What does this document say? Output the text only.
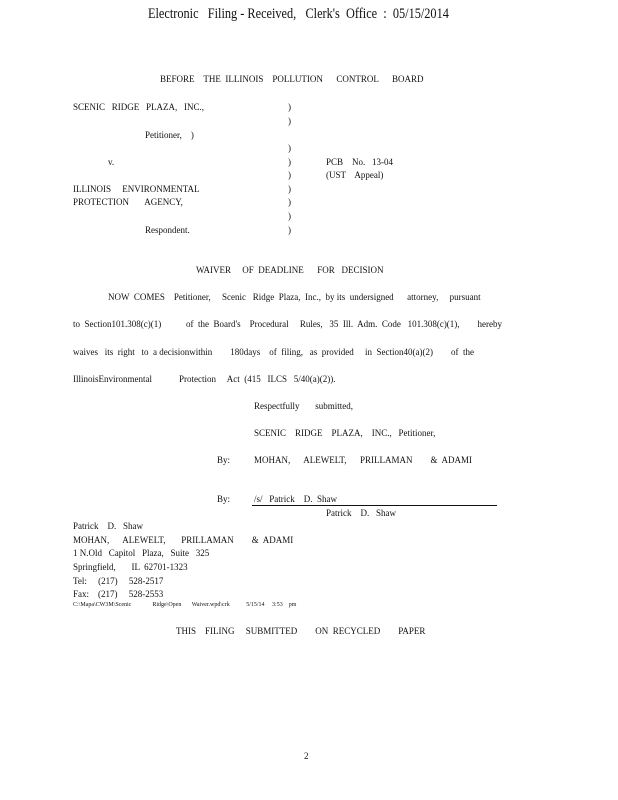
Electronic   Filing - Received,   Clerk's  Office  :  05/15/2014
BEFORE    THE  ILLINOIS    POLLUTION      CONTROL      BOARD
SCENIC   RIDGE   PLAZA,   INC.,
Petitioner,    )
v.
ILLINOIS     ENVIRONMENTAL
PROTECTION       AGENCY,
Respondent.
)
)
)
)
)
)
)
)
)
PCB    No.   13-04
(UST    Appeal)
WAIVER     OF  DEADLINE      FOR   DECISION
NOW  COMES    Petitioner,     Scenic   Ridge  Plaza,  Inc.,  by its  undersigned      attorney,     pursuant
to  Section101.308(c)(1)           of  the  Board's    Procedural     Rules,   35  Ill.  Adm.  Code   101.308(c)(1),        hereby
waives   its  right   to  a decisionwithin        180days    of  filing,   as  provided     in  Section40(a)(2)        of  the
IllinoisEnvironmental            Protection     Act  (415   ILCS   5/40(a)(2)).
Respectfully       submitted,
SCENIC    RIDGE    PLAZA,    INC.,   Petitioner,
By:	MOHAN,      ALEWELT,      PRILLAMAN        &  ADAMI
By:	/s/   Patrick    D.  Shaw
Patrick    D.   Shaw
Patrick    D.   Shaw
MOHAN,      ALEWELT,       PRILLAMAN        &  ADAMI
1 N.Old   Capitol   Plaza,   Suite   325
Springfield,       IL  62701-1323
Tel:     (217)     528-2517
Fax:    (217)     528-2553
C:\Mapa\CW3M\Scenic              Ridge\Open       Waiver.wpd\crk           5/15/14     3:53    pm
THIS    FILING     SUBMITTED        ON  RECYCLED        PAPER
2
